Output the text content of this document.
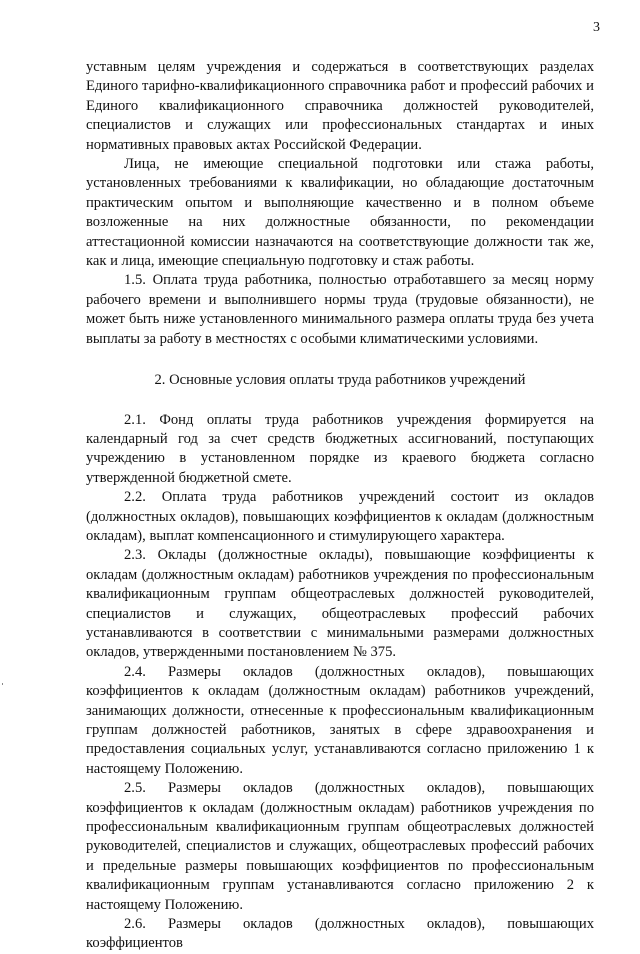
3

уставным целям учреждения и содержаться в соответствующих разделах Единого тарифно-квалификационного справочника работ и профессий рабочих и Единого квалификационного справочника должностей руководителей, специалистов и служащих или профессиональных стандартах и иных нормативных правовых актах Российской Федерации.

Лица, не имеющие специальной подготовки или стажа работы, установленных требованиями к квалификации, но обладающие достаточным практическим опытом и выполняющие качественно и в полном объеме возложенные на них должностные обязанности, по рекомендации аттестационной комиссии назначаются на соответствующие должности так же, как и лица, имеющие специальную подготовку и стаж работы.

1.5. Оплата труда работника, полностью отработавшего за месяц норму рабочего времени и выполнившего нормы труда (трудовые обязанности), не может быть ниже установленного минимального размера оплаты труда без учета выплаты за работу в местностях с особыми климатическими условиями.

2. Основные условия оплаты труда работников учреждений

2.1. Фонд оплаты труда работников учреждения формируется на календарный год за счет средств бюджетных ассигнований, поступающих учреждению в установленном порядке из краевого бюджета согласно утвержденной бюджетной смете.

2.2. Оплата труда работников учреждений состоит из окладов (должностных окладов), повышающих коэффициентов к окладам (должностным окладам), выплат компенсационного и стимулирующего характера.

2.3. Оклады (должностные оклады), повышающие коэффициенты к окладам (должностным окладам) работников учреждения по профессиональным квалификационным группам общеотраслевых должностей руководителей, специалистов и служащих, общеотраслевых профессий рабочих устанавливаются в соответствии с минимальными размерами должностных окладов, утвержденными постановлением № 375.

2.4. Размеры окладов (должностных окладов), повышающих коэффициентов к окладам (должностным окладам) работников учреждений, занимающих должности, отнесенные к профессиональным квалификационным группам должностей работников, занятых в сфере здравоохранения и предоставления социальных услуг, устанавливаются согласно приложению 1 к настоящему Положению.

2.5. Размеры окладов (должностных окладов), повышающих коэффициентов к окладам (должностным окладам) работников учреждения по профессиональным квалификационным группам общеотраслевых должностей руководителей, специалистов и служащих, общеотраслевых профессий рабочих и предельные размеры повышающих коэффициентов по профессиональным квалификационным группам устанавливаются согласно приложению 2 к настоящему Положению.

2.6. Размеры окладов (должностных окладов), повышающих коэффициентов
